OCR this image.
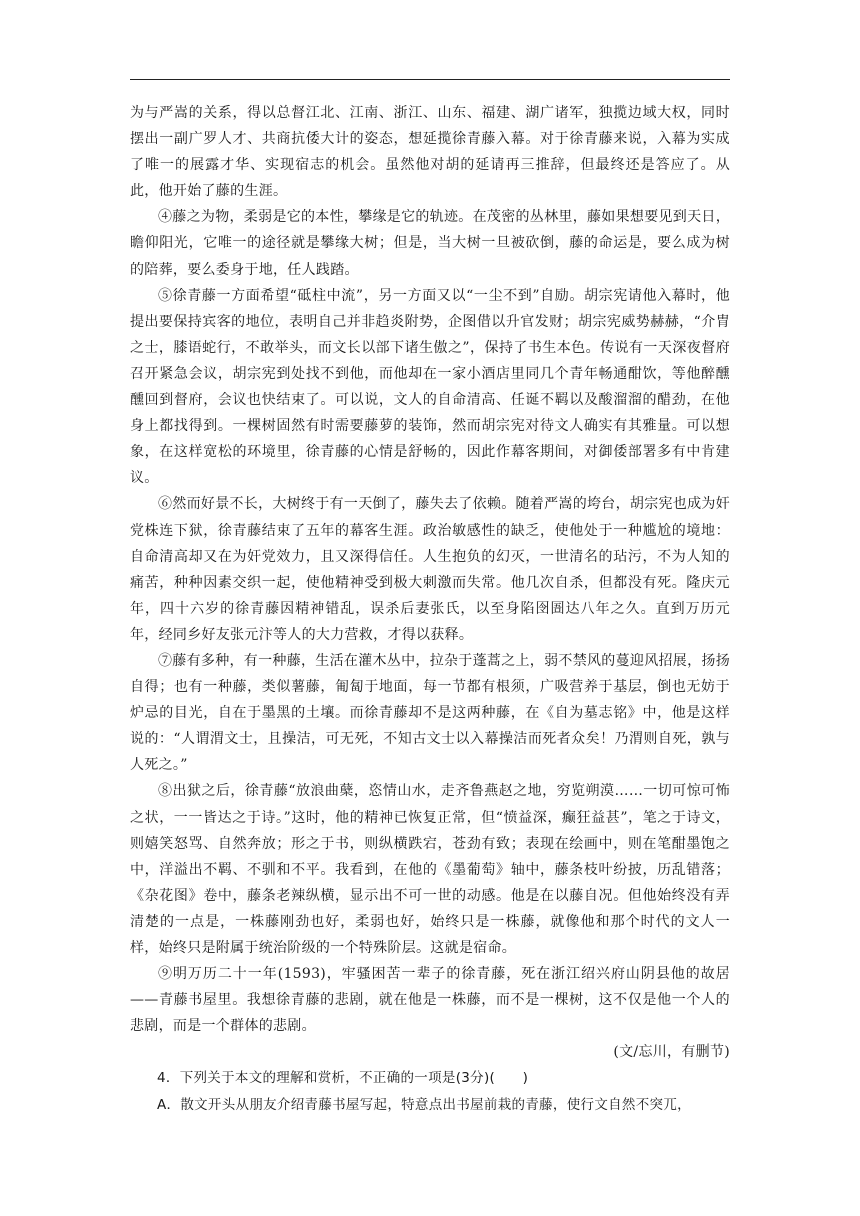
为与严嵩的关系，得以总督江北、江南、浙江、山东、福建、湖广诸军，独揽边域大权，同时摆出一副广罗人才、共商抗倭大计的姿态，想延揽徐青藤入幕。对于徐青藤来说，入幕为实成了唯一的展露才华、实现宿志的机会。虽然他对胡的延请再三推辞，但最终还是答应了。从此，他开始了藤的生涯。

④藤之为物，柔弱是它的本性，攀缘是它的轨迹。在茂密的丛林里，藤如果想要见到天日，瞻仰阳光，它唯一的途径就是攀缘大树；但是，当大树一旦被砍倒，藤的命运是，要么成为树的陪葬，要么委身于地，任人践踏。

⑤徐青藤一方面希望“砥柱中流”，另一方面又以“一尘不到”自励。胡宗宪请他入幕时，他提出要保持宾客的地位，表明自己并非趋炎附势，企图借以升官发财；胡宗宪威势赫赫，“介胄之士，膝语蛇行，不敢举头，而文长以部下诸生傲之”，保持了书生本色。传说有一天深夜督府召开紧急会议，胡宗宪到处找不到他，而他却在一家小酒店里同几个青年畅通酣饮，等他醉醺醺回到督府，会议也快结束了。可以说，文人的自命清高、任诞不羁以及酸溜溜的醋劲，在他身上都找得到。一棵树固然有时需要藤萝的装饰，然而胡宗宪对待文人确实有其雅量。可以想象，在这样宽松的环境里，徐青藤的心情是舒畅的，因此作幕客期间，对御倭部署多有中肯建议。

⑥然而好景不长，大树终于有一天倒了，藤失去了依赖。随着严嵩的垮台，胡宗宪也成为奸党株连下狱，徐青藤结束了五年的幕客生涯。政治敏感性的缺乏，使他处于一种尴尬的境地：自命清高却又在为奸党效力，且又深得信任。人生抱负的幻灭，一世清名的玷污，不为人知的痛苦，种种因素交织一起，使他精神受到极大刺激而失常。他几次自杀，但都没有死。隆庆元年，四十六岁的徐青藤因精神错乱，误杀后妻张氏，以至身陷囹圄达八年之久。直到万历元年，经同乡好友张元汴等人的大力营救，才得以获释。

⑦藤有多种，有一种藤，生活在灌木丛中，拉杂于蓬蒿之上，弱不禁风的蔓迎风招展，扬扬自得；也有一种藤，类似薯藤，匍匐于地面，每一节都有根须，广吸营养于基层，倒也无妨于炉忌的目光，自在于墨黑的土壤。而徐青藤却不是这两种藤，在《自为墓志铭》中，他是这样说的：“人谓渭文士，且操洁，可无死，不知古文士以入幕操洁而死者众矣！乃渭则自死，孰与人死之。”

⑧出狱之后，徐青藤“放浪曲蘖，恣情山水，走齐鲁燕赵之地，穷览朔漠……一切可惊可怖之状，一一皆达之于诗。”这时，他的精神已恢复正常，但“愤益深，癫狂益甚”，笔之于诗文，则嬉笑怒骂、自然奔放；形之于书，则纵横跌宕，苍劲有致；表现在绘画中，则在笔酣墨饱之中，洋溢出不羁、不驯和不平。我看到，在他的《墨葡萄》轴中，藤条枝叶纷披，历乱错落；《杂花图》卷中，藤条老辣纵横，显示出不可一世的动感。他是在以藤自况。但他始终没有弄清楚的一点是，一株藤刚劲也好，柔弱也好，始终只是一株藤，就像他和那个时代的文人一样，始终只是附属于统治阶级的一个特殊阶层。这就是宿命。

⑨明万历二十一年(1593)，牢骚困苦一辈子的徐青藤，死在浙江绍兴府山阴县他的故居——青藤书屋里。我想徐青藤的悲剧，就在他是一株藤，而不是一棵树，这不仅是他一个人的悲剧，而是一个群体的悲剧。

(文/忘川，有删节)

4．下列关于本文的理解和赏析，不正确的一项是(3分)(　　)

A．散文开头从朋友介绍青藤书屋写起，特意点出书屋前栽的青藤，使行文自然不突兀，
